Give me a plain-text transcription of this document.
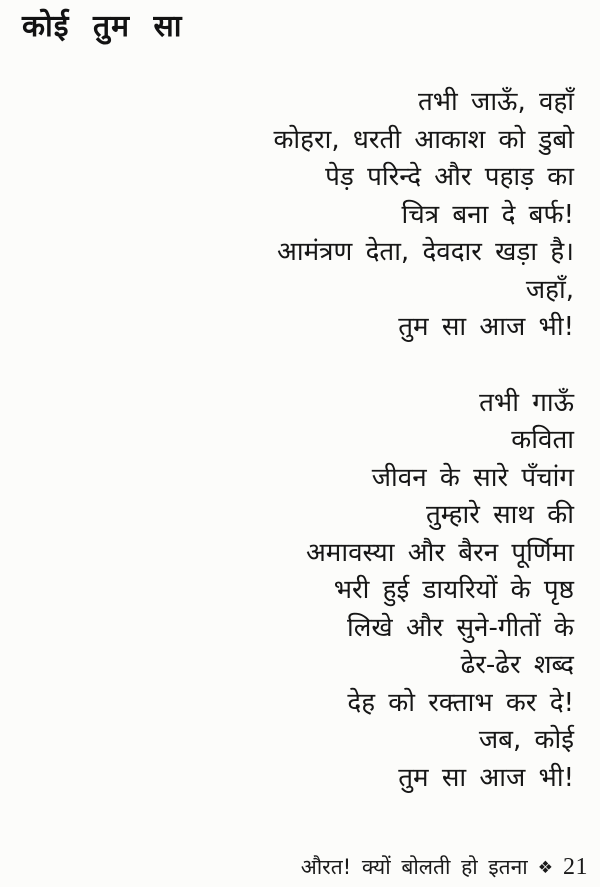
कोई तुम सा
तभी जाऊँ, वहाँ
कोहरा, धरती आकाश को डुबो
पेड़ परिन्दे और पहाड़ का
चित्र बना दे बर्फ!
आमंत्रण देता, देवदार खड़ा है।
जहाँ,
तुम सा आज भी!
तभी गाऊँ
कविता
जीवन के सारे पँचांग
तुम्हारे साथ की
अमावस्या और बैरन पूर्णिमा
भरी हुई डायरियों के पृष्ठ
लिखे और सुने-गीतों के
ढेर-ढेर शब्द
देह को रक्ताभ कर दे!
जब, कोई
तुम सा आज भी!
औरत! क्यों बोलती हो इतना ❖ 21
